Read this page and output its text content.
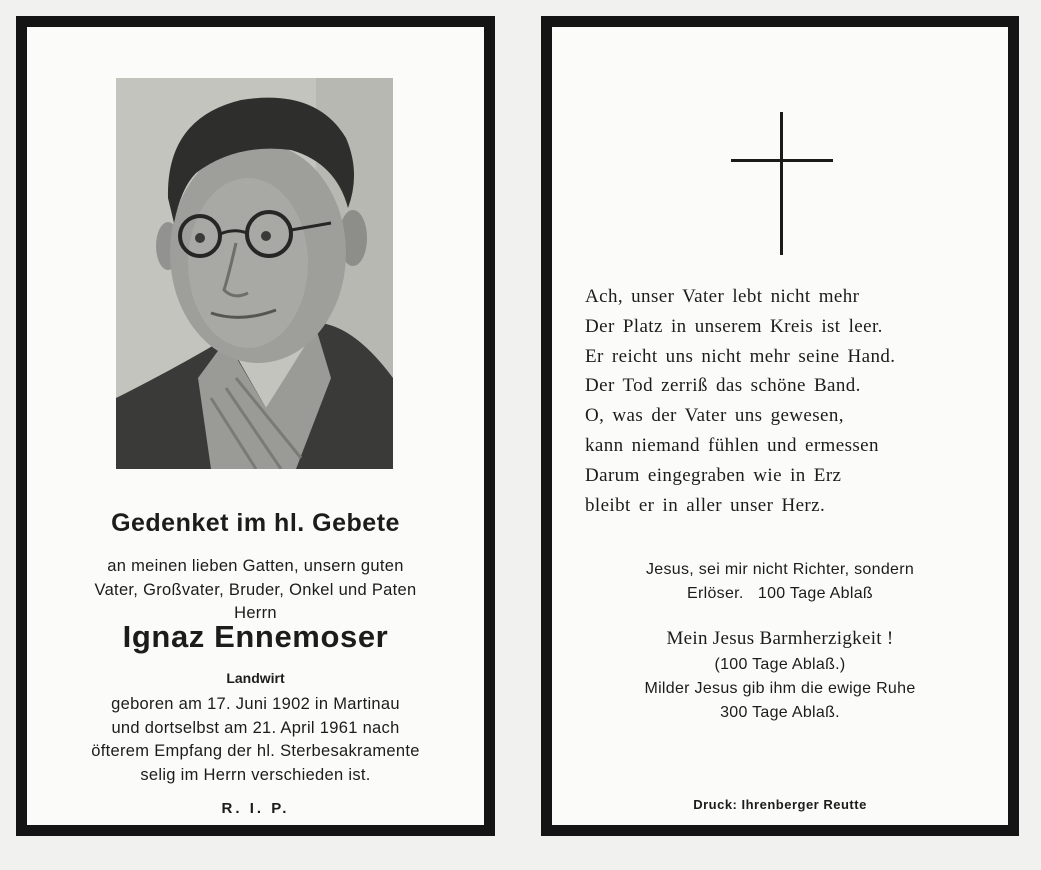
Gedenket im hl. Gebete
an meinen lieben Gatten, unsern guten
Vater, Großvater, Bruder, Onkel und Paten
Herrn
Ignaz Ennemoser
Landwirt
geboren am 17. Juni 1902 in Martinau
und dortselbst am 21. April 1961 nach
öfterem Empfang der hl. Sterbesakramente
selig im Herrn verschieden ist.
R. I. P.
Ach, unser Vater lebt nicht mehr
Der Platz in unserem Kreis ist leer.
Er reicht uns nicht mehr seine Hand.
Der Tod zerriß das schöne Band.
O, was der Vater uns gewesen,
kann niemand fühlen und ermessen
Darum eingegraben wie in Erz
bleibt er in aller unser Herz.
Jesus, sei mir nicht Richter, sondern
Erlöser.   100 Tage Ablaß
Mein Jesus Barmherzigkeit !
(100 Tage Ablaß.)
Milder Jesus gib ihm die ewige Ruhe
300 Tage Ablaß.
Druck: Ihrenberger Reutte
